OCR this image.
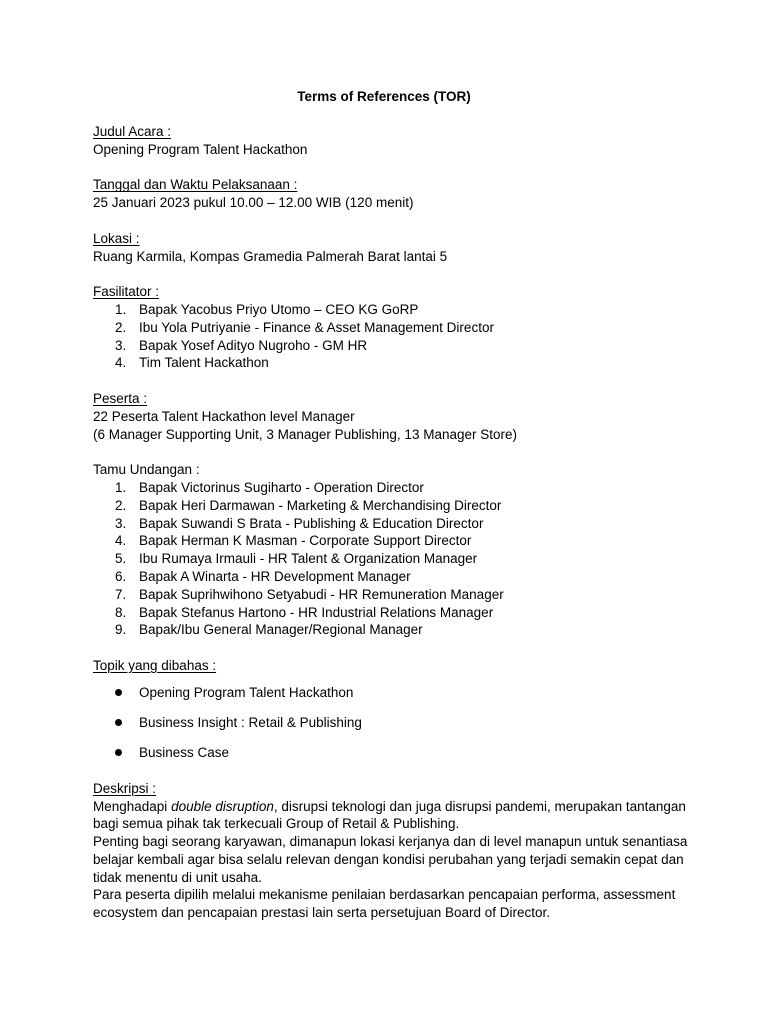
Terms of References (TOR)
Judul Acara :
Opening Program Talent Hackathon
Tanggal dan Waktu Pelaksanaan :
25 Januari 2023 pukul 10.00 – 12.00 WIB (120 menit)
Lokasi :
Ruang Karmila, Kompas Gramedia Palmerah Barat lantai 5
Fasilitator :
1. Bapak Yacobus Priyo Utomo – CEO KG GoRP
2. Ibu Yola Putriyanie - Finance & Asset Management Director
3. Bapak Yosef Adityo Nugroho - GM HR
4. Tim Talent Hackathon
Peserta :
22 Peserta Talent Hackathon level Manager
(6 Manager Supporting Unit, 3 Manager Publishing, 13 Manager Store)
Tamu Undangan :
1. Bapak Victorinus Sugiharto - Operation Director
2. Bapak Heri Darmawan - Marketing & Merchandising Director
3. Bapak Suwandi S Brata - Publishing & Education Director
4. Bapak Herman K Masman - Corporate Support Director
5. Ibu Rumaya Irmauli - HR Talent & Organization Manager
6. Bapak A Winarta - HR Development Manager
7. Bapak Suprihwihono Setyabudi - HR Remuneration Manager
8. Bapak Stefanus Hartono - HR Industrial Relations Manager
9. Bapak/Ibu General Manager/Regional Manager
Topik yang dibahas :
Opening Program Talent Hackathon
Business Insight : Retail & Publishing
Business Case
Deskripsi :

Menghadapi double disruption, disrupsi teknologi dan juga disrupsi pandemi, merupakan tantangan bagi semua pihak tak terkecuali Group of Retail & Publishing.

Penting bagi seorang karyawan, dimanapun lokasi kerjanya dan di level manapun untuk senantiasa belajar kembali agar bisa selalu relevan dengan kondisi perubahan yang terjadi semakin cepat dan tidak menentu di unit usaha.

Para peserta dipilih melalui mekanisme penilaian berdasarkan pencapaian performa, assessment ecosystem dan pencapaian prestasi lain serta persetujuan Board of Director.
